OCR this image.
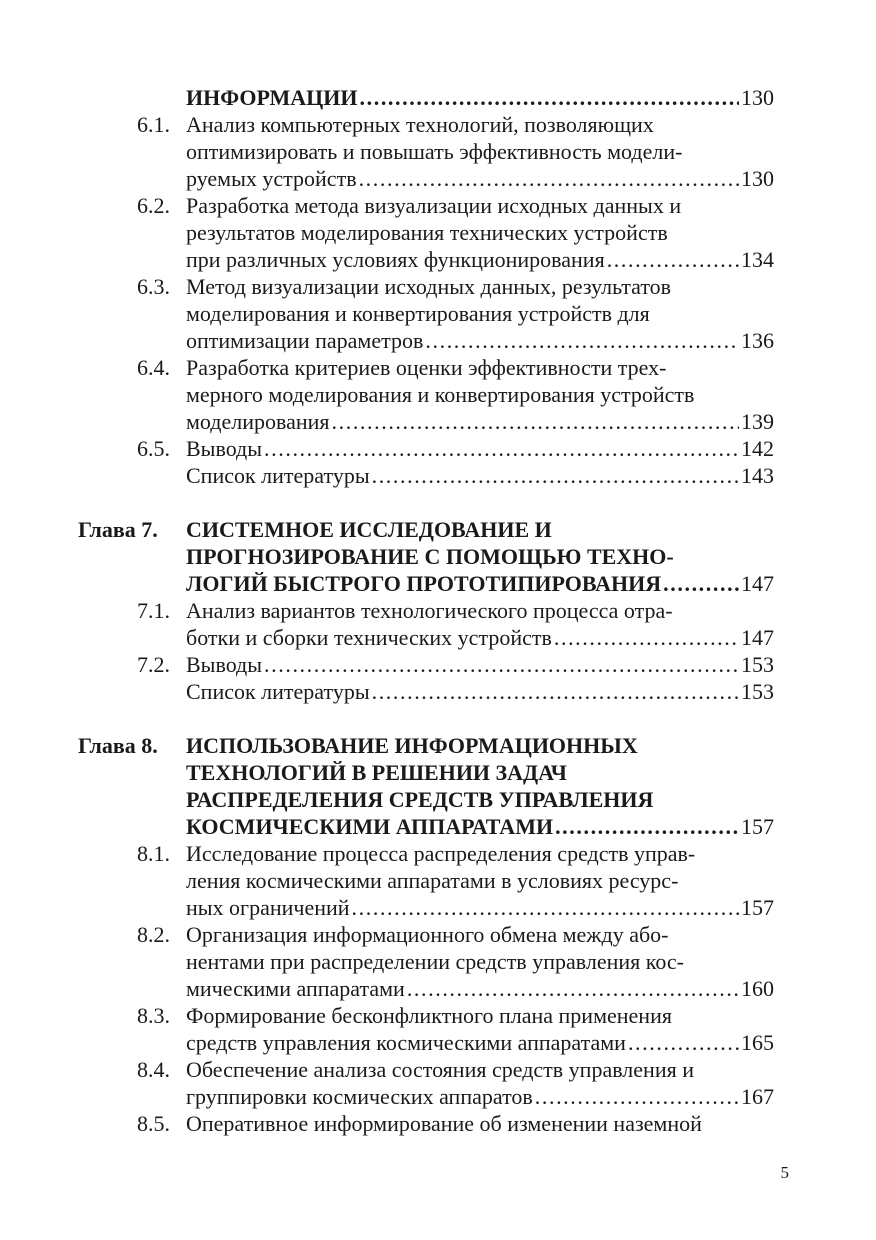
ИНФОРМАЦИИ .....	130
6.1. Анализ компьютерных технологий, позволяющих
оптимизировать и повышать эффективность модели-
руемых устройств .....	130
6.2. Разработка метода визуализации исходных данных и
результатов моделирования технических устройств
при различных условиях функционирования .....	134
6.3. Метод визуализации исходных данных, результатов
моделирования и конвертирования устройств для
оптимизации параметров .....	136
6.4. Разработка критериев оценки эффективности трех-
мерного моделирования и конвертирования устройств
моделирования .....	139
6.5. Выводы .....	142
Список литературы .....	143
Глава 7. СИСТЕМНОЕ ИССЛЕДОВАНИЕ И
ПРОГНОЗИРОВАНИЕ С ПОМОЩЬЮ ТЕХНО-
ЛОГИЙ БЫСТРОГО ПРОТОТИПИРОВАНИЯ .....	147
7.1. Анализ вариантов технологического процесса отра-
ботки и сборки технических устройств .....	147
7.2. Выводы .....	153
Список литературы .....	153
Глава 8. ИСПОЛЬЗОВАНИЕ ИНФОРМАЦИОННЫХ
ТЕХНОЛОГИЙ В РЕШЕНИИ ЗАДАЧ
РАСПРЕДЕЛЕНИЯ СРЕДСТВ УПРАВЛЕНИЯ
КОСМИЧЕСКИМИ АППАРАТАМИ .....	157
8.1. Исследование процесса распределения средств управ-
ления космическими аппаратами в условиях ресурс-
ных ограничений .....	157
8.2. Организация информационного обмена между або-
нентами при распределении средств управления кос-
мическими аппаратами .....	160
8.3. Формирование бесконфликтного плана применения
средств управления космическими аппаратами .....	165
8.4. Обеспечение анализа состояния средств управления и
группировки космических аппаратов .....	167
8.5. Оперативное информирование об изменении наземной
5
